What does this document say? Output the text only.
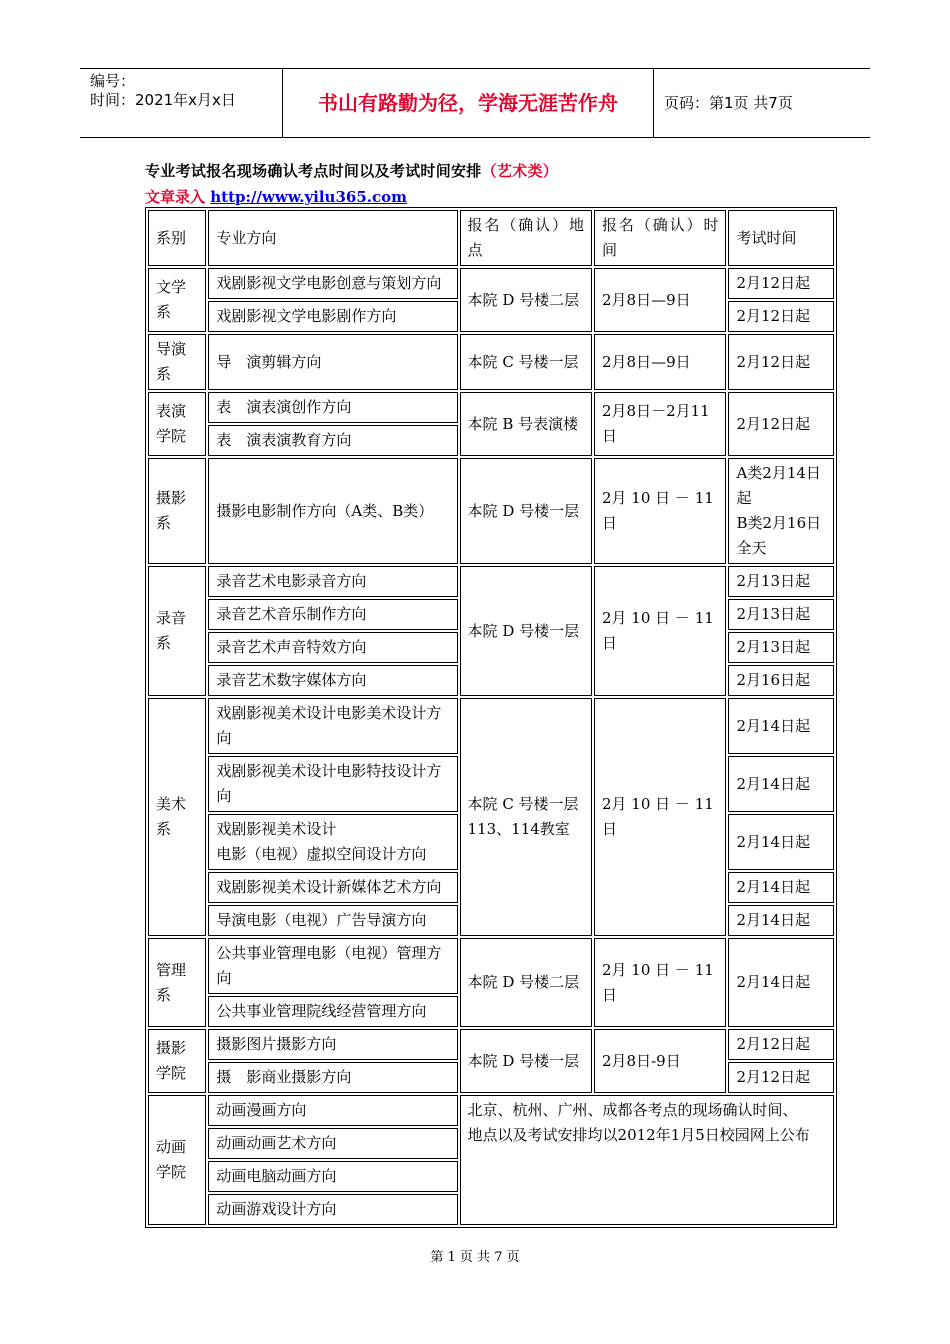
编号：
时间：2021年x月x日	书山有路勤为径，学海无涯苦作舟	页码：第1页 共7页
专业考试报名现场确认考点时间以及考试时间安排（艺术类）
文章录入 http://www.yilu365.com
系别	专业方向	报名（确认）地　点	报名（确认）时　间	考试时间
文学系	戏剧影视文学电影创意与策划方向	本院 D 号楼二层	2月8日—9日	2月12日起
	戏剧影视文学电影剧作方向			2月12日起
导演系	导　演剪辑方向	本院 C 号楼一层	2月8日—9日	2月12日起
表演学院	表　演表演创作方向	本院 B 号表演楼	2月8日－2月11日	2月12日起
	表　演表演教育方向			
摄影系	摄影电影制作方向（A类、B类）	本院 D 号楼一层	2月 10 日 － 11日	A类2月14日起
B类2月16日全天

录音系	录音艺术电影录音方向	本院 D 号楼一层	2月 10 日 － 11日	2月13日起
	录音艺术音乐制作方向			2月13日起
	录音艺术声音特效方向			2月13日起
	录音艺术数字媒体方向			2月16日起
美术系	戏剧影视美术设计电影美术设计方向	本院 C 号楼一层
113、114教室	2月 10 日 － 11日	2月14日起
	戏剧影视美术设计电影特技设计方向			2月14日起

	戏剧影视美术设计
电影（电视）虚拟空间设计方向			2月14日起
	戏剧影视美术设计新媒体艺术方向			2月14日起
	导演电影（电视）广告导演方向			2月14日起
管理系	公共事业管理电影（电视）管理方向	本院 D 号楼二层	2月 10 日 － 11日	2月14日起
	公共事业管理院线经营管理方向			
摄影学院	摄影图片摄影方向	本院 D 号楼一层	2月8日-9日	2月12日起
	摄　影商业摄影方向			2月12日起
动画学院	动画漫画方向	北京、杭州、广州、成都各考点的现场确认时间、
地点以及考试安排均以2012年1月5日校园网上公布		

	动画动画艺术方向			
	动画电脑动画方向			
	动画游戏设计方向			
第 1 页 共 7 页
